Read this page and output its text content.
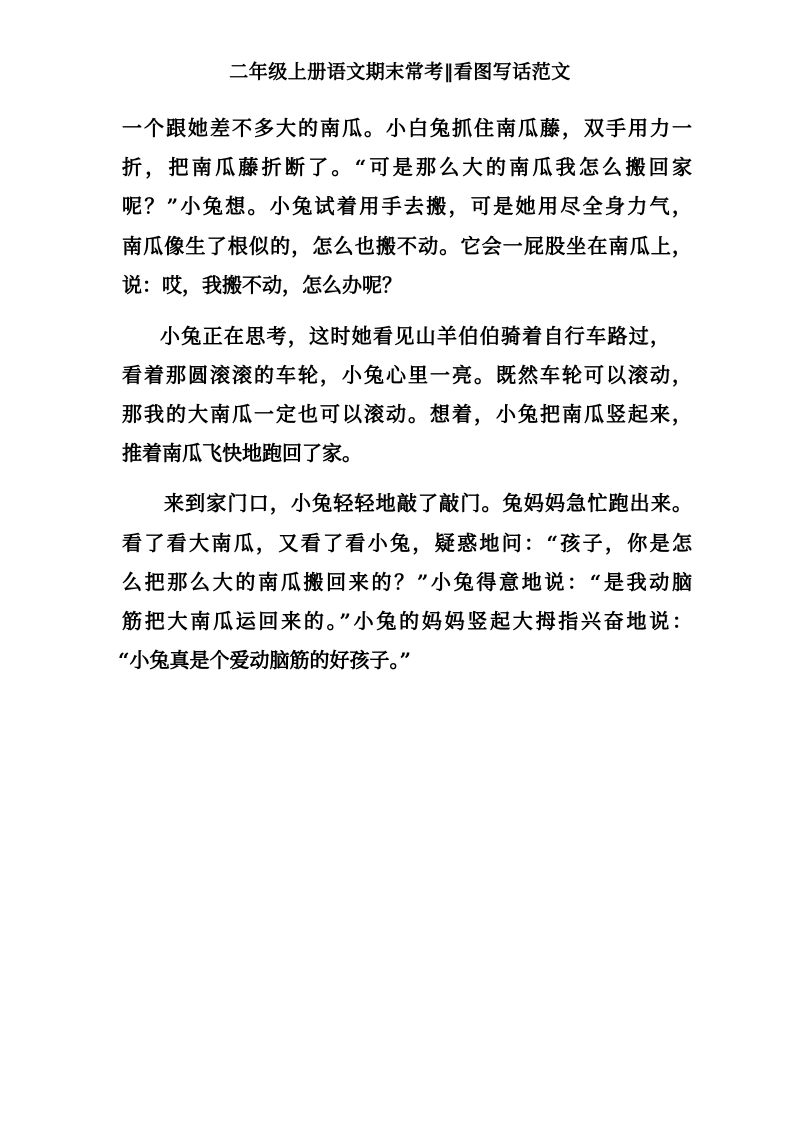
二年级上册语文期末常考‖看图写话范文
一个跟她差不多大的南瓜。小白兔抓住南瓜藤，双手用力一
折，把南瓜藤折断了。“可是那么大的南瓜我怎么搬回家
呢？”小兔想。小兔试着用手去搬，可是她用尽全身力气，
南瓜像生了根似的，怎么也搬不动。它会一屁股坐在南瓜上，
说：哎，我搬不动，怎么办呢？
小兔正在思考，这时她看见山羊伯伯骑着自行车路过，
看着那圆滚滚的车轮，小兔心里一亮。既然车轮可以滚动，
那我的大南瓜一定也可以滚动。想着，小兔把南瓜竖起来，
推着南瓜飞快地跑回了家。
来到家门口，小兔轻轻地敲了敲门。兔妈妈急忙跑出来。
看了看大南瓜，又看了看小兔，疑惑地问：“孩子，你是怎
么把那么大的南瓜搬回来的？”小兔得意地说：“是我动脑
筋把大南瓜运回来的。”小兔的妈妈竖起大拇指兴奋地说：
“小兔真是个爱动脑筋的好孩子。”
